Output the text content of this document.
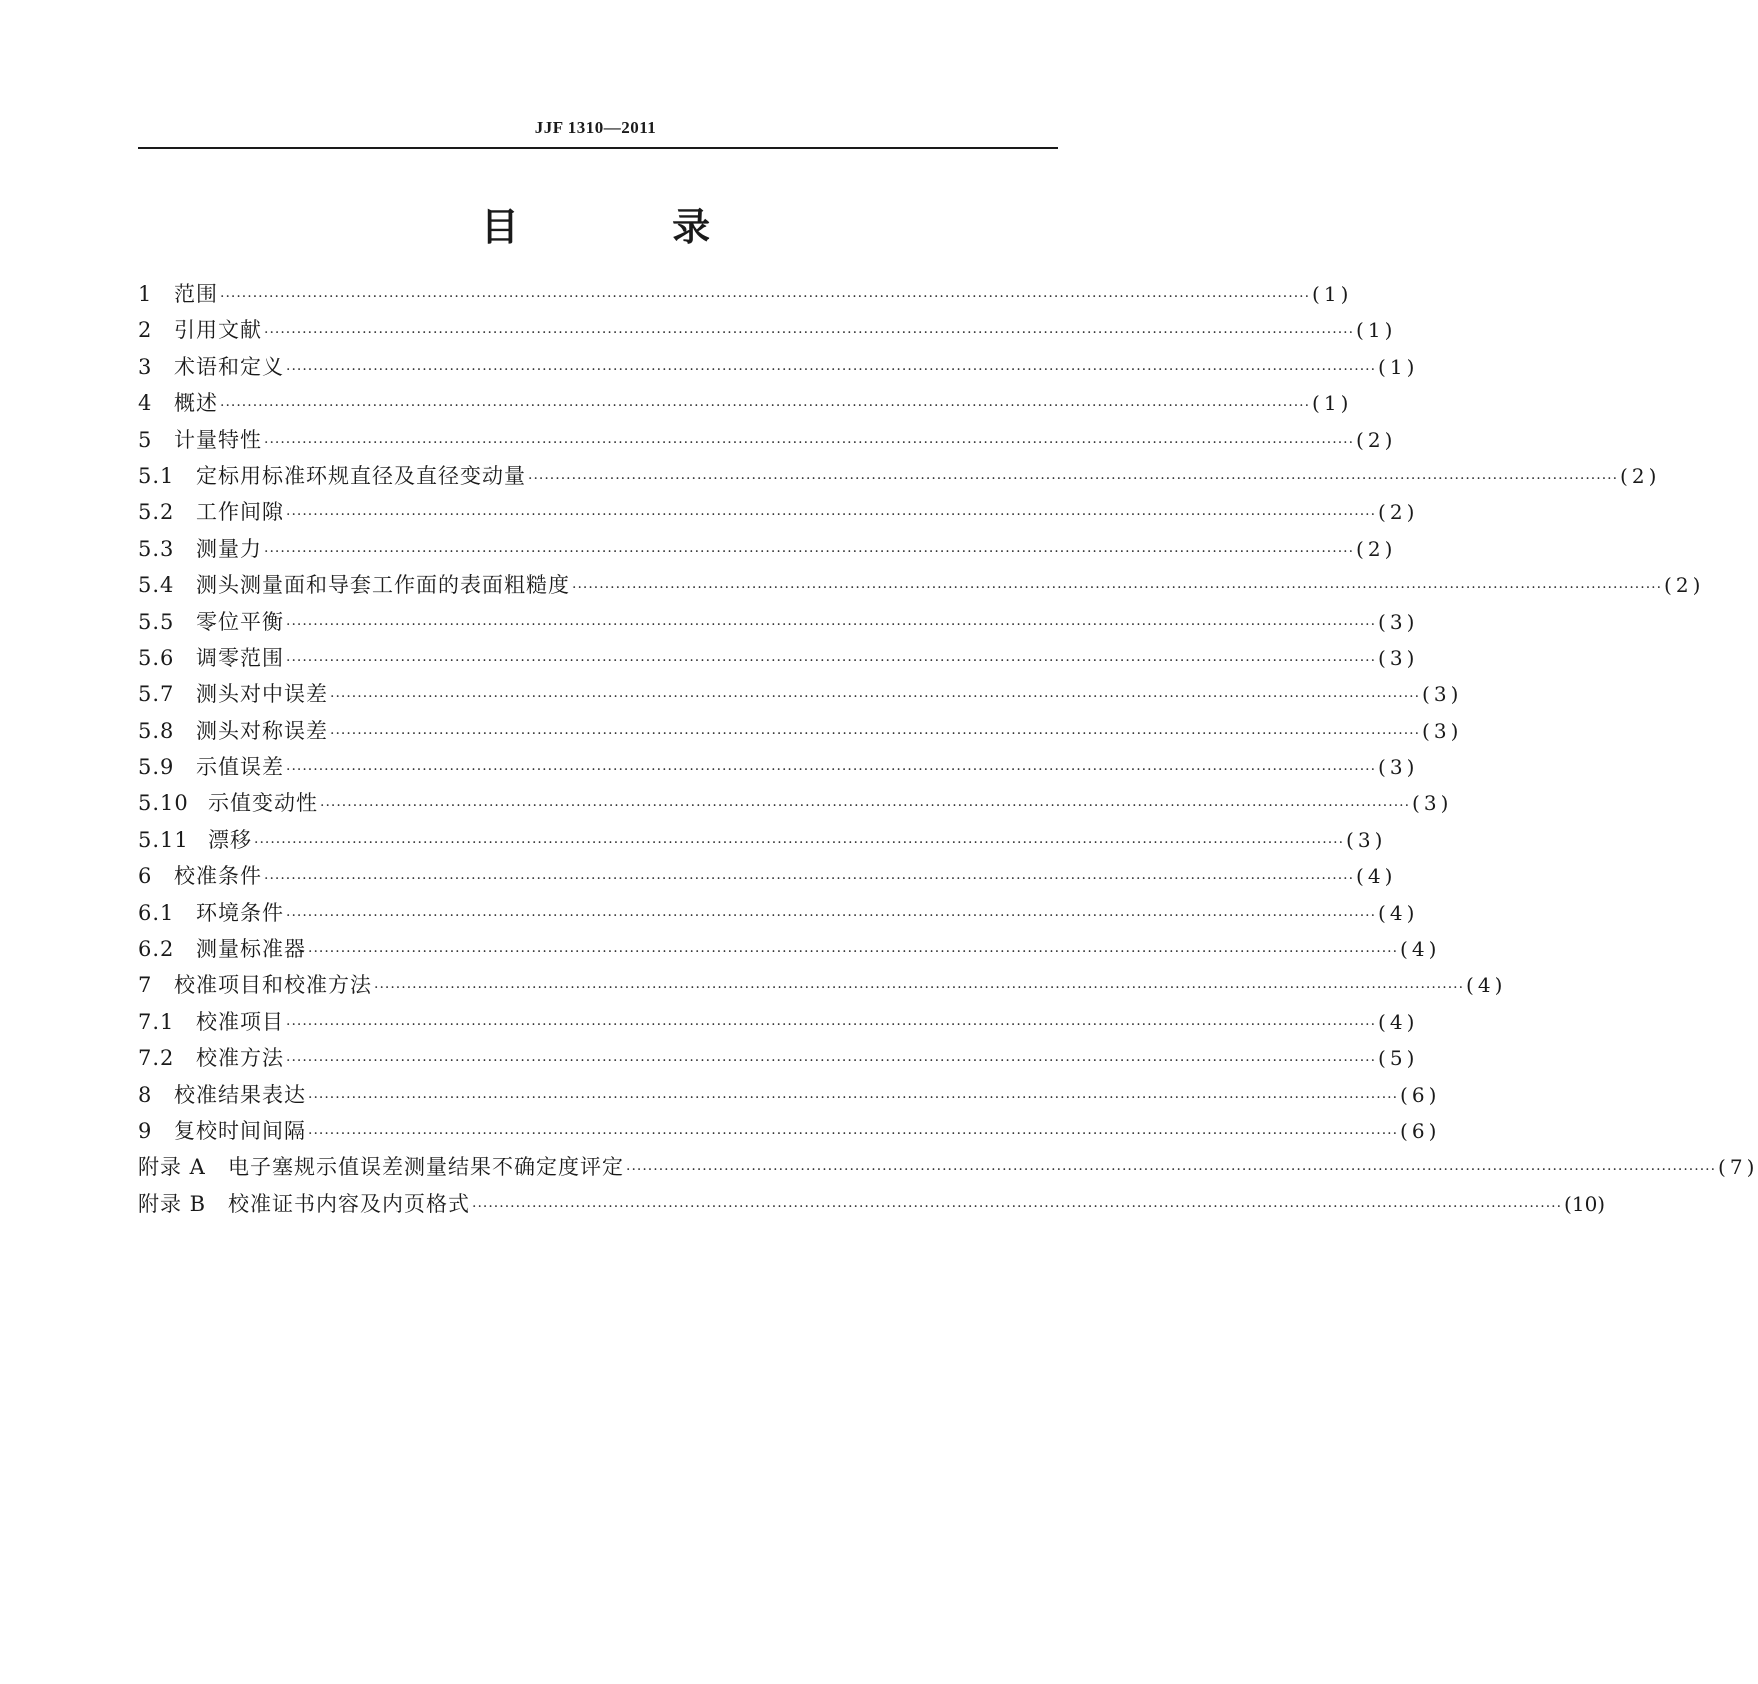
JJF 1310—2011
目 录
1	范围 ········································································································································································································ (1)
2	引用文献 ········································································································································································································ (1)
3	术语和定义 ········································································································································································································ (1)
4	概述 ········································································································································································································ (1)
5	计量特性 ········································································································································································································ (2)
5.1	定标用标准环规直径及直径变动量 ········································································································································································································ (2)
5.2	工作间隙 ········································································································································································································ (2)
5.3	测量力 ········································································································································································································ (2)
5.4	测头测量面和导套工作面的表面粗糙度 ········································································································································································································ (2)
5.5	零位平衡 ········································································································································································································ (3)
5.6	调零范围 ········································································································································································································ (3)
5.7	测头对中误差 ········································································································································································································ (3)
5.8	测头对称误差 ········································································································································································································ (3)
5.9	示值误差 ········································································································································································································ (3)
5.10 示值变动性 ········································································································································································································ (3)
5.11 漂移 ········································································································································································································ (3)
6	校准条件 ········································································································································································································ (4)
6.1	环境条件 ········································································································································································································ (4)
6.2	测量标准器 ········································································································································································································ (4)
7	校准项目和校准方法 ········································································································································································································ (4)
7.1	校准项目 ········································································································································································································ (4)
7.2	校准方法 ········································································································································································································ (5)
8	校准结果表达 ········································································································································································································ (6)
9	复校时间间隔 ········································································································································································································ (6)
附录 A	电子塞规示值误差测量结果不确定度评定 ········································································································································································································ (7)
附录 B	校准证书内容及内页格式 ········································································································································································································ (10)
